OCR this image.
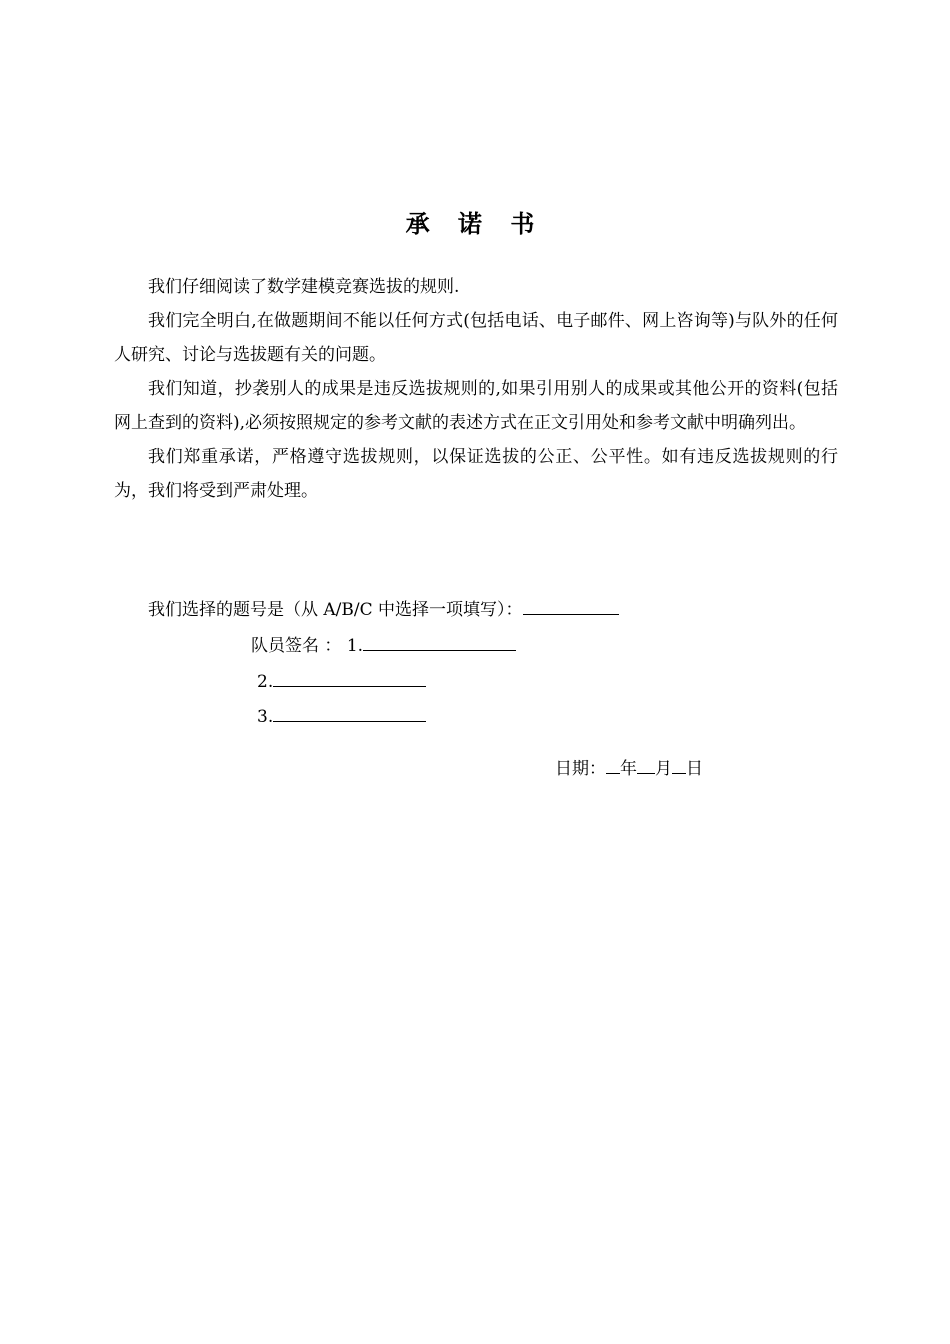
承 诺 书

我们仔细阅读了数学建模竞赛选拔的规则.

我们完全明白,在做题期间不能以任何方式(包括电话、电子邮件、网上咨询等)与队外的任何人研究、讨论与选拔题有关的问题。

我们知道，抄袭别人的成果是违反选拔规则的,如果引用别人的成果或其他公开的资料(包括网上查到的资料),必须按照规定的参考文献的表述方式在正文引用处和参考文献中明确列出。

我们郑重承诺，严格遵守选拔规则，以保证选拔的公正、公平性。如有违反选拔规则的行为，我们将受到严肃处理。

我们选择的题号是（从 A/B/C 中选择一项填写）：
队员签名 ： 1.
2.
3.
日期： 年 月 日
